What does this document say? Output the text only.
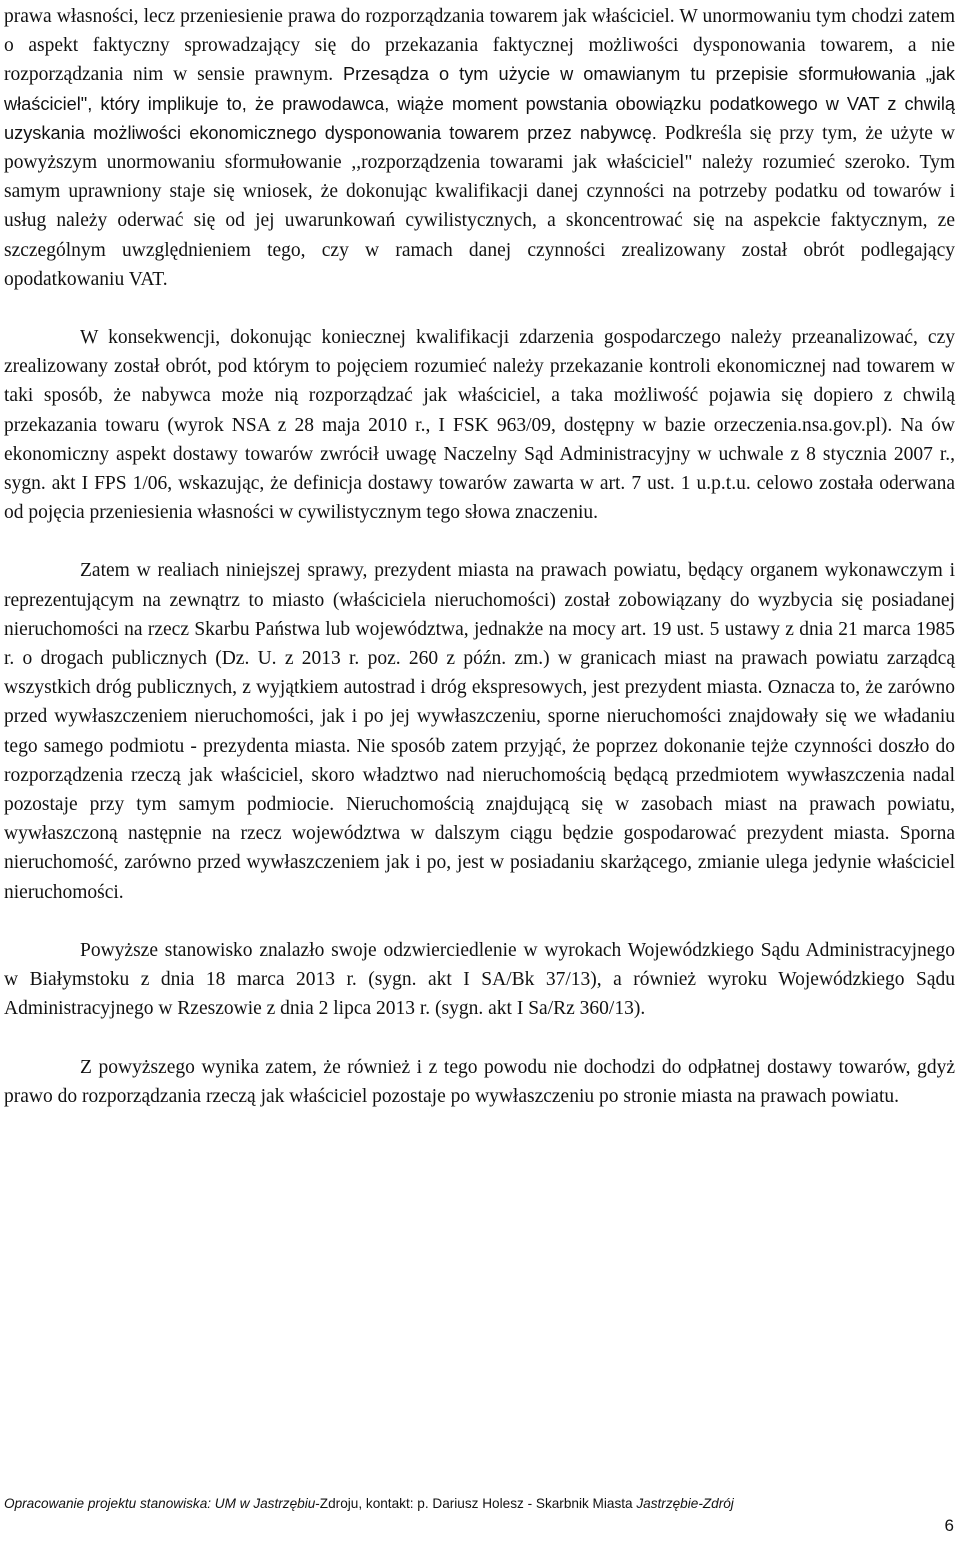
prawa własności, lecz przeniesienie prawa do rozporządzania towarem jak właściciel. W unormowaniu tym chodzi zatem o aspekt faktyczny sprowadzający się do przekazania faktycznej możliwości dysponowania towarem, a nie rozporządzania nim w sensie prawnym. Przesądza o tym użycie w omawianym tu przepisie sformułowania „jak właściciel", który implikuje to, że prawodawca, wiąże moment powstania obowiązku podatkowego w VAT z chwilą uzyskania możliwości ekonomicznego dysponowania towarem przez nabywcę. Podkreśla się przy tym, że użyte w powyższym unormowaniu sformułowanie ,,rozporządzenia towarami jak właściciel" należy rozumieć szeroko. Tym samym uprawniony staje się wniosek, że dokonując kwalifikacji danej czynności na potrzeby podatku od towarów i usług należy oderwać się od jej uwarunkowań cywilistycznych, a skoncentrować się na aspekcie faktycznym, ze szczególnym uwzględnieniem tego, czy w ramach danej czynności zrealizowany został obrót podlegający opodatkowaniu VAT.

W konsekwencji, dokonując koniecznej kwalifikacji zdarzenia gospodarczego należy przeanalizować, czy zrealizowany został obrót, pod którym to pojęciem rozumieć należy przekazanie kontroli ekonomicznej nad towarem w taki sposób, że nabywca może nią rozporządzać jak właściciel, a taka możliwość pojawia się dopiero z chwilą przekazania towaru (wyrok NSA z 28 maja 2010 r., I FSK 963/09, dostępny w bazie orzeczenia.nsa.gov.pl). Na ów ekonomiczny aspekt dostawy towarów zwrócił uwagę Naczelny Sąd Administracyjny w uchwale z 8 stycznia 2007 r., sygn. akt I FPS 1/06, wskazując, że definicja dostawy towarów zawarta w art. 7 ust. 1 u.p.t.u. celowo została oderwana od pojęcia przeniesienia własności w cywilistycznym tego słowa znaczeniu.

Zatem w realiach niniejszej sprawy, prezydent miasta na prawach powiatu, będący organem wykonawczym i reprezentującym na zewnątrz to miasto (właściciela nieruchomości) został zobowiązany do wyzbycia się posiadanej nieruchomości na rzecz Skarbu Państwa lub województwa, jednakże na mocy art. 19 ust. 5 ustawy z dnia 21 marca 1985 r. o drogach publicznych (Dz. U. z 2013 r. poz. 260 z późn. zm.) w granicach miast na prawach powiatu zarządcą wszystkich dróg publicznych, z wyjątkiem autostrad i dróg ekspresowych, jest prezydent miasta. Oznacza to, że zarówno przed wywłaszczeniem nieruchomości, jak i po jej wywłaszczeniu, sporne nieruchomości znajdowały się we władaniu tego samego podmiotu - prezydenta miasta. Nie sposób zatem przyjąć, że poprzez dokonanie tejże czynności doszło do rozporządzenia rzeczą jak właściciel, skoro władztwo nad nieruchomością będącą przedmiotem wywłaszczenia nadal pozostaje przy tym samym podmiocie. Nieruchomością znajdującą się w zasobach miast na prawach powiatu, wywłaszczoną następnie na rzecz województwa w dalszym ciągu będzie gospodarować prezydent miasta. Sporna nieruchomość, zarówno przed wywłaszczeniem jak i po, jest w posiadaniu skarżącego, zmianie ulega jedynie właściciel nieruchomości.

Powyższe stanowisko znalazło swoje odzwierciedlenie w wyrokach Wojewódzkiego Sądu Administracyjnego w Białymstoku z dnia 18 marca 2013 r. (sygn. akt I SA/Bk 37/13), a również wyroku Wojewódzkiego Sądu Administracyjnego w Rzeszowie z dnia 2 lipca 2013 r. (sygn. akt I Sa/Rz 360/13).

Z powyższego wynika zatem, że również i z tego powodu nie dochodzi do odpłatnej dostawy towarów, gdyż prawo do rozporządzania rzeczą jak właściciel pozostaje po wywłaszczeniu po stronie miasta na prawach powiatu.

Opracowanie projektu stanowiska: UM w Jastrzębiu-Zdroju, kontakt: p. Dariusz Holesz - Skarbnik Miasta Jastrzębie-Zdrój
6
